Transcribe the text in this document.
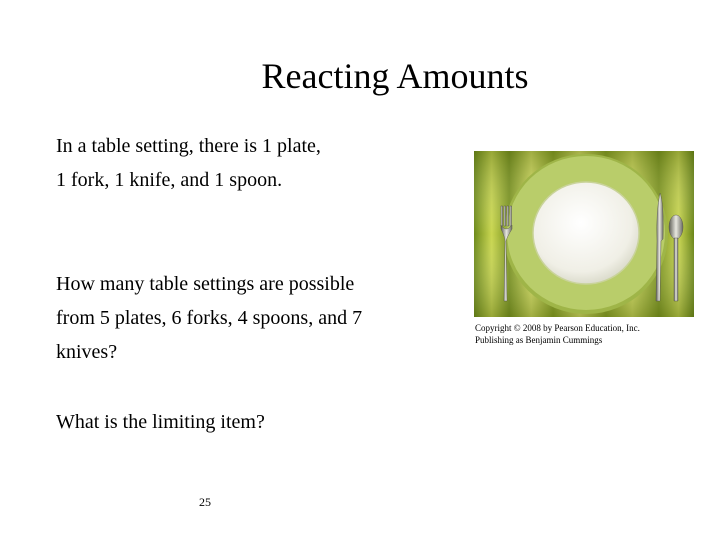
Reacting Amounts

In a table setting, there is 1 plate, 1 fork, 1 knife, and 1 spoon.

How many table settings are possible from 5 plates, 6 forks, 4 spoons, and 7 knives?

What is the limiting item?

Copyright © 2008 by Pearson Education, Inc.
Publishing as Benjamin Cummings
25
